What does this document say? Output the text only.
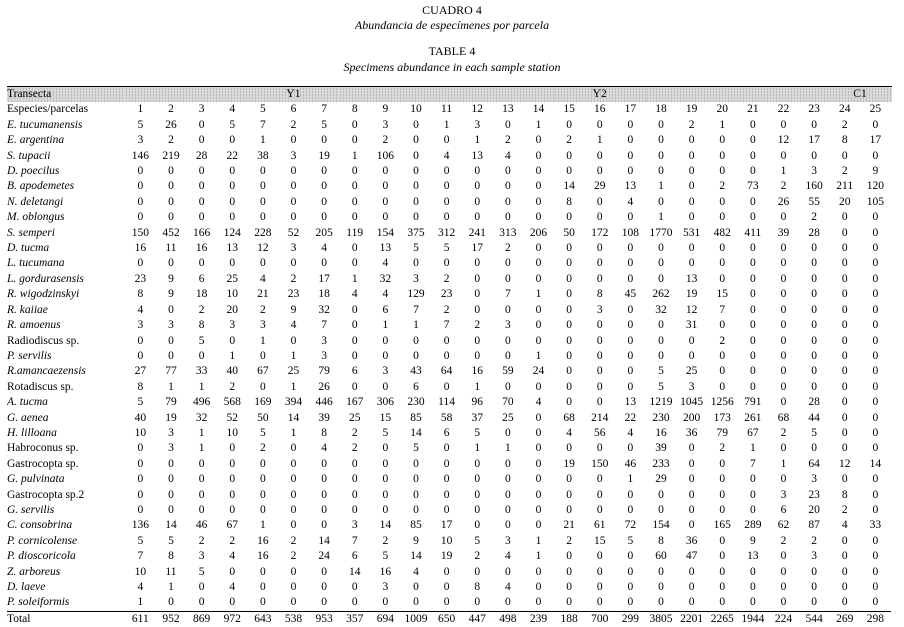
CUADRO 4
Abundancia de especímenes por parcela
TABLE 4
Specimens abundance in each sample station
Transecta					Y1										Y2									C1			
Especies/parcelas	1	2	3	4	5	6	7	8	9	10	11	12	13	14	15	16	17	18	19	20	21	22	23	24	25	
E. tucumanensis	5	26	0	5	7	2	5	0	3	0	1	3	0	1	0	0	0	0	2	1	0	0	0	2	0	
E. argentina	3	2	0	0	1	0	0	0	2	0	0	1	2	0	2	1	0	0	0	0	0	12	17	8	17	
S. tupacii	146	219	28	22	38	3	19	1	106	0	4	13	4	0	0	0	0	0	0	0	0	0	0	0	0	
D. poecilus	0	0	0	0	0	0	0	0	0	0	0	0	0	0	0	0	0	0	0	0	0	1	3	2	9	
B. apodemetes	0	0	0	0	0	0	0	0	0	0	0	0	0	0	14	29	13	1	0	2	73	2	160	211	120	
N. deletangi	0	0	0	0	0	0	0	0	0	0	0	0	0	0	8	0	4	0	0	0	0	26	55	20	105	
M. oblongus	0	0	0	0	0	0	0	0	0	0	0	0	0	0	0	0	0	1	0	0	0	0	2	0	0	
S. semperi	150	452	166	124	228	52	205	119	154	375	312	241	313	206	50	172	108	1770	531	482	411	39	28	0	0	
D. tucma	16	11	16	13	12	3	4	0	13	5	5	17	2	0	0	0	0	0	0	0	0	0	0	0	0	
L. tucumana	0	0	0	0	0	0	0	0	4	0	0	0	0	0	0	0	0	0	0	0	0	0	0	0	0	
L. gordurasensis	23	9	6	25	4	2	17	1	32	3	2	0	0	0	0	0	0	0	13	0	0	0	0	0	0	
R. wigodzinskyi	8	9	18	10	21	23	18	4	4	129	23	0	7	1	0	8	45	262	19	15	0	0	0	0	0	
R. kaiiae	4	0	2	20	2	9	32	0	6	7	2	0	0	0	0	3	0	32	12	7	0	0	0	0	0	
R. amoenus	3	3	8	3	3	4	7	0	1	1	7	2	3	0	0	0	0	0	31	0	0	0	0	0	0	
Radiodiscus sp.	0	0	5	0	1	0	3	0	0	0	0	0	0	0	0	0	0	0	0	2	0	0	0	0	0	
P. servilis	0	0	0	1	0	1	3	0	0	0	0	0	0	1	0	0	0	0	0	0	0	0	0	0	0	
R.amancaezensis	27	77	33	40	67	25	79	6	3	43	64	16	59	24	0	0	0	5	25	0	0	0	0	0	0	
Rotadiscus sp.	8	1	1	2	0	1	26	0	0	6	0	1	0	0	0	0	0	5	3	0	0	0	0	0	0	
A. tucma	5	79	496	568	169	394	446	167	306	230	114	96	70	4	0	0	13	1219	1045	1256	791	0	28	0	0	
G. aenea	40	19	32	52	50	14	39	25	15	85	58	37	25	0	68	214	22	230	200	173	261	68	44	0	0	
H. lilloana	10	3	1	10	5	1	8	2	5	14	6	5	0	0	4	56	4	16	36	79	67	2	5	0	0	
Habroconus sp.	0	3	1	0	2	0	4	2	0	5	0	1	1	0	0	0	0	39	0	2	1	0	0	0	0	
Gastrocopta sp.	0	0	0	0	0	0	0	0	0	0	0	0	0	0	19	150	46	233	0	0	7	1	64	12	14	
G. pulvinata	0	0	0	0	0	0	0	0	0	0	0	0	0	0	0	0	1	29	0	0	0	0	3	0	0	
Gastrocopta sp.2	0	0	0	0	0	0	0	0	0	0	0	0	0	0	0	0	0	0	0	0	0	3	23	8	0	
G. servilis	0	0	0	0	0	0	0	0	0	0	0	0	0	0	0	0	0	0	0	0	0	6	20	2	0	
C. consobrina	136	14	46	67	1	0	0	3	14	85	17	0	0	0	21	61	72	154	0	165	289	62	87	4	33	
P. cornicolense	5	5	2	2	16	2	14	7	2	9	10	5	3	1	2	15	5	8	36	0	9	2	2	0	0	
P. dioscoricola	7	8	3	4	16	2	24	6	5	14	19	2	4	1	0	0	0	60	47	0	13	0	3	0	0	
Z. arboreus	10	11	5	0	0	0	0	14	16	4	0	0	0	0	0	0	0	0	0	0	0	0	0	0	0	
D. laeve	4	1	0	4	0	0	0	0	3	0	0	8	4	0	0	0	0	0	0	0	0	0	0	0	0	
P. soleiformis	1	0	0	0	0	0	0	0	0	0	0	0	0	0	0	0	0	0	0	0	0	0	0	0	0	
Total	611	952	869	972	643	538	953	357	694	1009	650	447	498	239	188	700	299	3805	2201	2265	1944	224	544	269	298	
